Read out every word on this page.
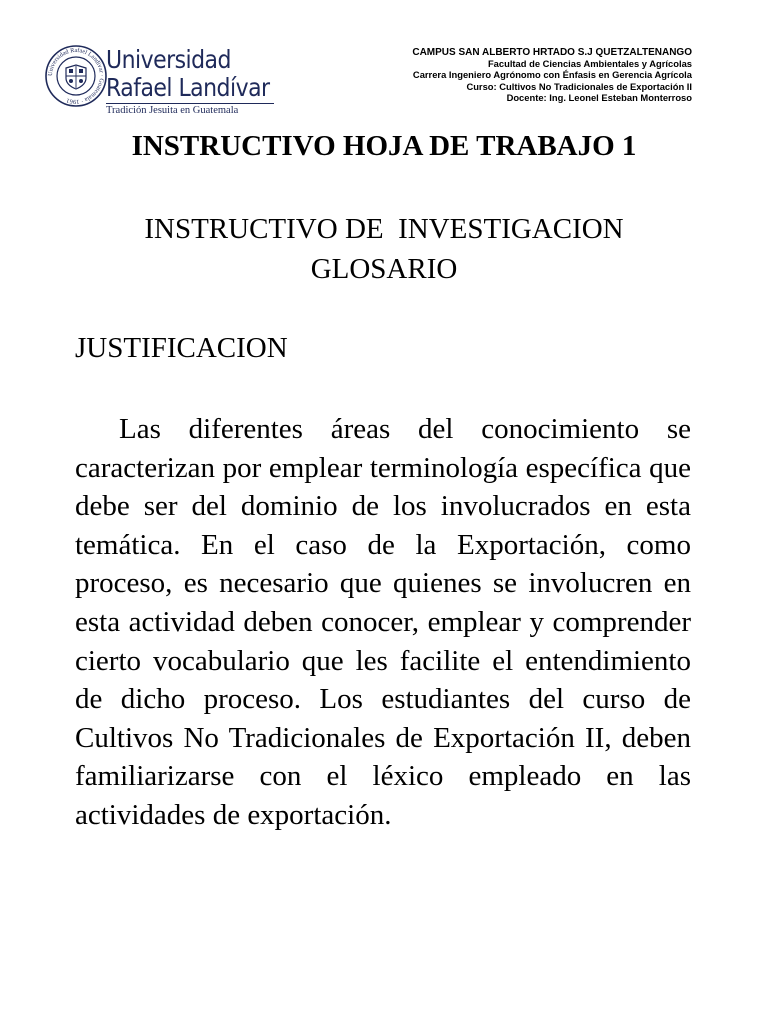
Universidad Rafael Landívar · Guatemala · 1961
Universidad
Rafael Landívar
Tradición Jesuita en Guatemala
CAMPUS SAN ALBERTO HRTADO S.J QUETZALTENANGO
Facultad de Ciencias Ambientales y Agrícolas
Carrera Ingeniero Agrónomo con Énfasis en Gerencia Agrícola
Curso: Cultivos No Tradicionales de Exportación II
Docente: Ing. Leonel Esteban Monterroso
INSTRUCTIVO HOJA DE TRABAJO 1
INSTRUCTIVO DE  INVESTIGACION
GLOSARIO
JUSTIFICACION

Las diferentes áreas del conocimiento se caracterizan por emplear terminología específica que debe ser del dominio de los involucrados en esta temática. En el caso de la Exportación, como proceso, es necesario que quienes se involucren en esta actividad deben conocer, emplear y comprender cierto vocabulario que les facilite el entendimiento de dicho proceso. Los estudiantes del curso de Cultivos No Tradicionales de Exportación II, deben familiarizarse con el léxico empleado en las actividades de exportación.
